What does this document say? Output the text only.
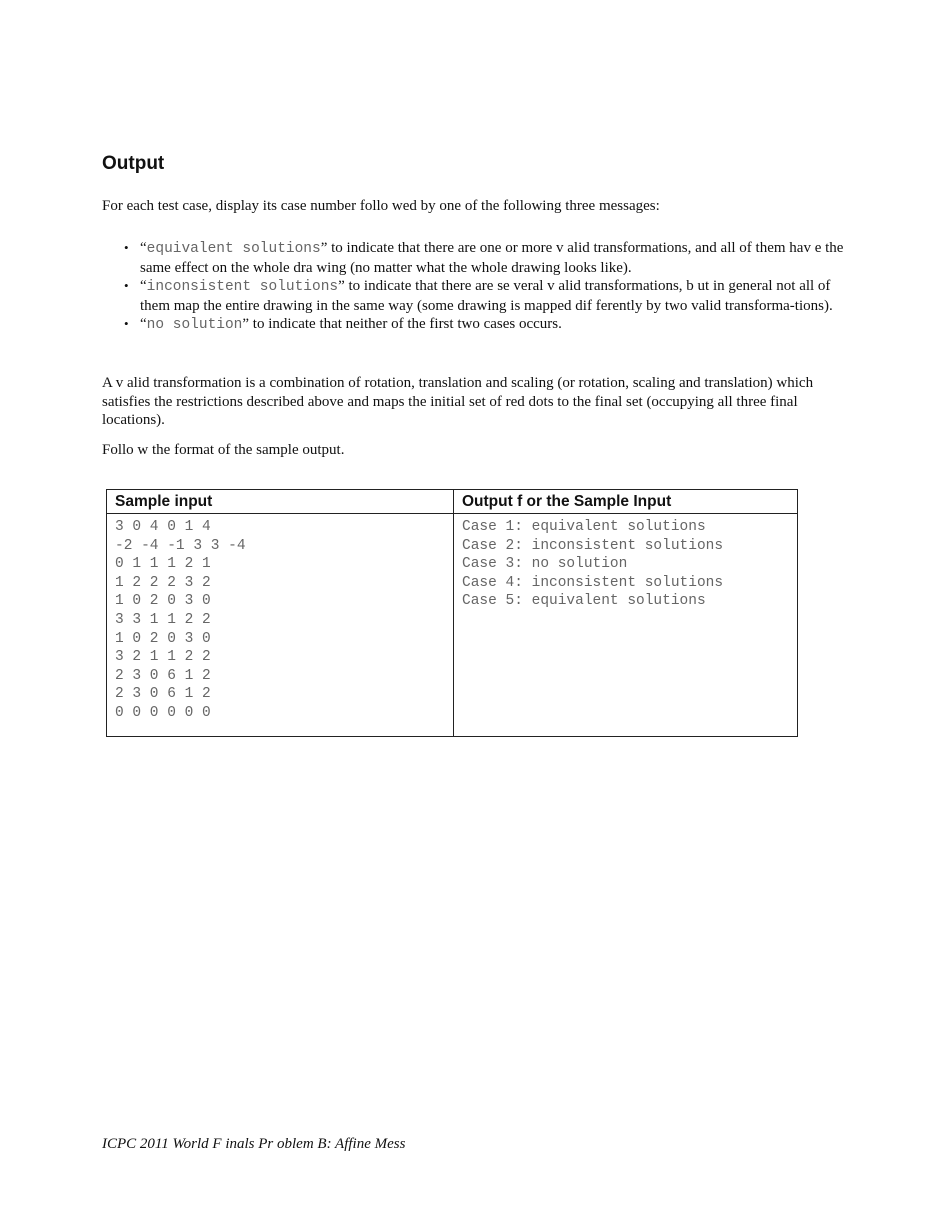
Output

For each test case, display its case number follo wed by one of the following three messages:

• “equivalent solutions” to indicate that there are one or more v alid transformations, and all of them hav e the same effect on the whole dra wing (no matter what the whole drawing looks like).
• “inconsistent solutions” to indicate that there are se veral v alid transformations, b ut in general not all of them map the entire drawing in the same way (some drawing is mapped dif ferently by two valid transforma-tions).
• “no solution” to indicate that neither of the first two cases occurs.

A v alid transformation is a combination of rotation, translation and scaling (or rotation, scaling and translation) which satisfies the restrictions described above and maps the initial set of red dots to the final set (occupying all three final locations).

Follo w the format of the sample output.

Sample input	Output f or the Sample Input

3 0 4 0 1 4
-2 -4 -1 3 3 -4
0 1 1 1 2 1
1 2 2 2 3 2
1 0 2 0 3 0
3 3 1 1 2 2
1 0 2 0 3 0
3 2 1 1 2 2
2 3 0 6 1 2
2 3 0 6 1 2
0 0 0 0 0 0

Case 1: equivalent solutions
Case 2: inconsistent solutions
Case 3: no solution
Case 4: inconsistent solutions
Case 5: equivalent solutions
ICPC 2011 World F inals Pr oblem B: Affine Mess
